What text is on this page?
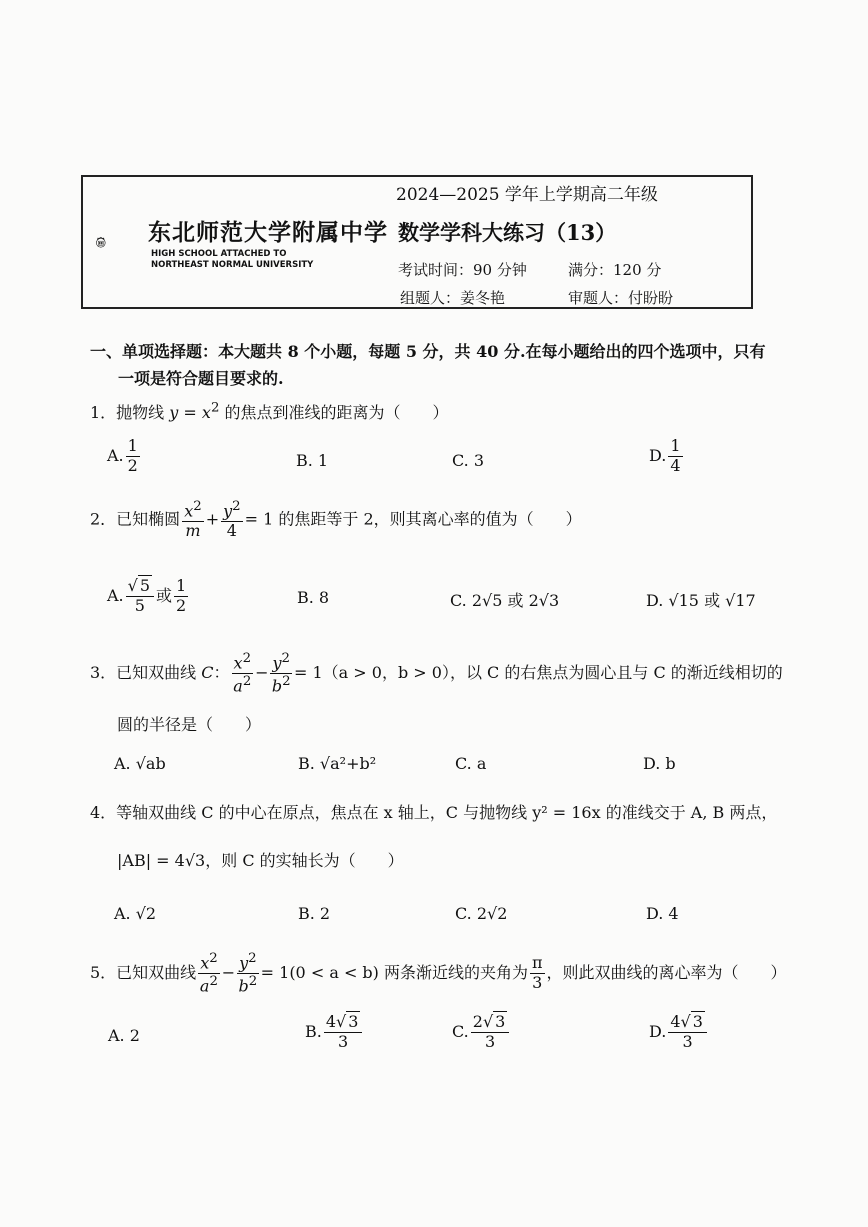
东北师范大学附属中学
HIGH SCHOOL ATTACHED TO
NORTHEAST NORMAL UNIVERSITY
2024—2025 学年上学期高二年级
数学学科大练习（13）
考试时间：90 分钟	满分：120 分
组题人：姜冬艳	审题人：付盼盼
一、单项选择题：本大题共 8 个小题，每题 5 分，共 40 分.在每小题给出的四个选项中，只有
一项是符合题目要求的.
1．抛物线 $y = x^2$ 的焦点到准线的距离为（　　）
A. $\frac{1}{2}$	B. 1	C. 3	D. $\frac{1}{4}$
2．已知椭圆 $\frac{x^2}{m} + \frac{y^2}{4} = 1$ 的焦距等于 2，则其离心率的值为（　　）
A. $\frac{√ 5}{5}$ 或 $\frac{1}{2}$	B. 8	C. 2√5 或 2√3	D. √15 或 √17
3．已知双曲线 C： $\frac{x^2}{a^2} - \frac{y^2}{b^2} = 1(a > 0$，b > 0），以 C 的右焦点为圆心且与 C 的渐近线相切的
圆的半径是（　　）
A. √ab	B. √a²+b²	C. a	D. b
4．等轴双曲线 C 的中心在原点，焦点在 x 轴上，C 与抛物线 y² = 16x 的准线交于 A, B 两点，
|AB| = 4√3，则 C 的实轴长为（　　）
A. √2	B. 2	C. 2√2	D. 4
5．已知双曲线 $\frac{x^2}{a^2} - \frac{y^2}{b^2} = 1(0 < a < b)$ 两条渐近线的夹角为 $\frac{\pi}{3}$ ，则此双曲线的离心率为（　　）
A. 2	B. $\frac{4√ 3}{3}$	C. $\frac{2√ 3}{3}$	D. $\frac{4√ 3}{3}$
